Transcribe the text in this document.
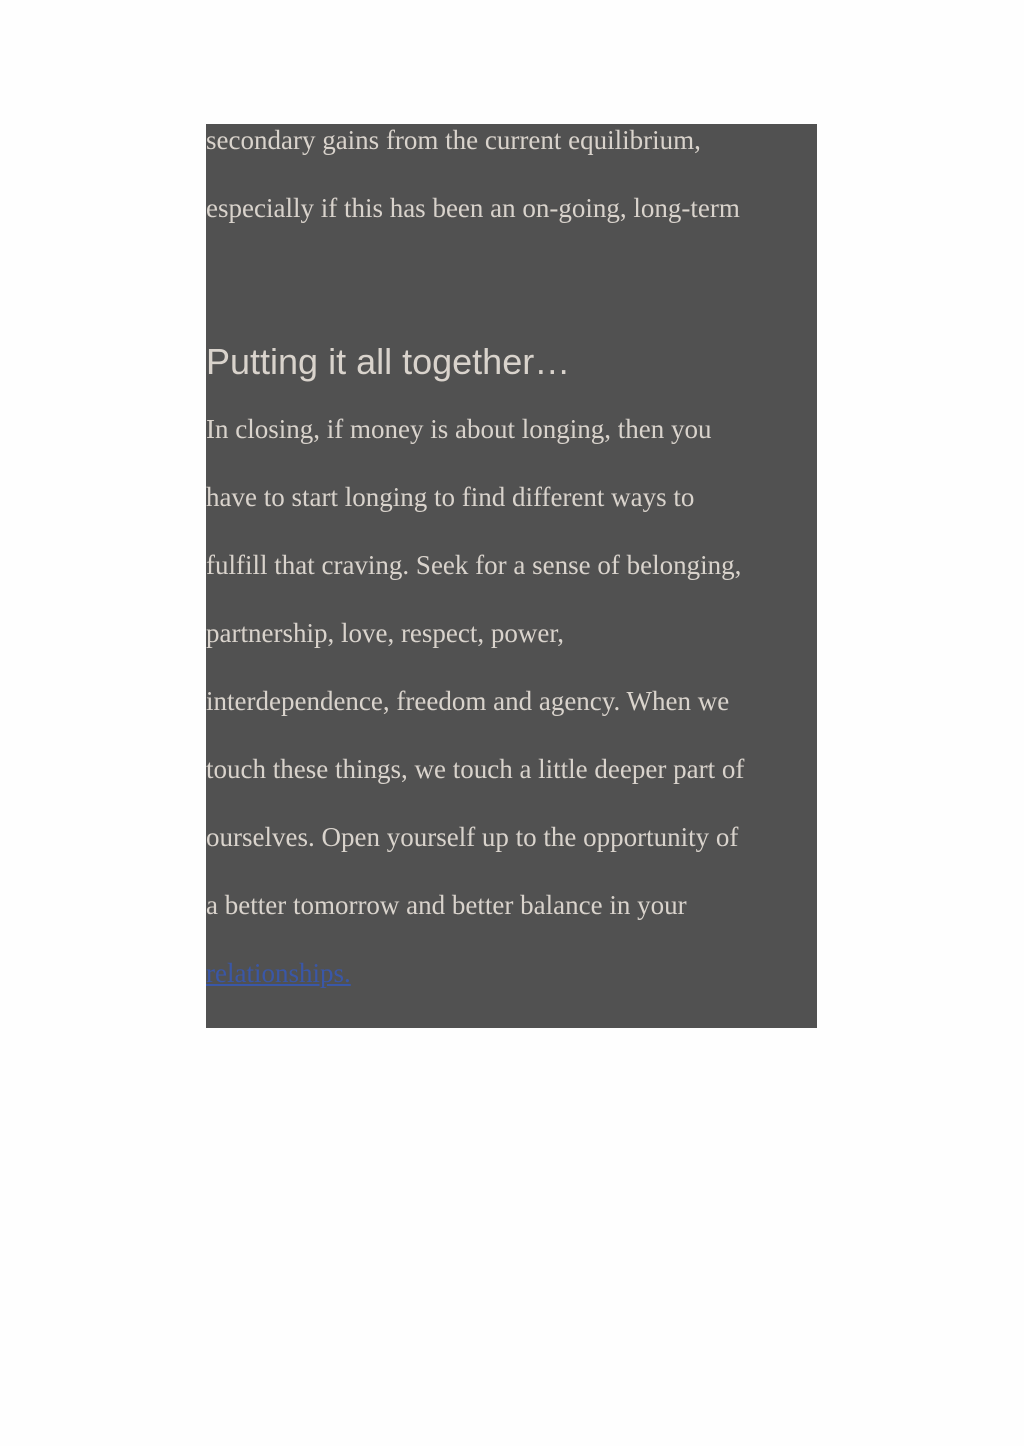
secondary gains from the current equilibrium,

especially if this has been an on-going, long-term

Putting it all together…

In closing, if money is about longing, then you

have to start longing to find different ways to

fulfill that craving. Seek for a sense of belonging,

partnership, love, respect, power,

interdependence, freedom and agency. When we

touch these things, we touch a little deeper part of

ourselves. Open yourself up to the opportunity of

a better tomorrow and better balance in your

relationships.
